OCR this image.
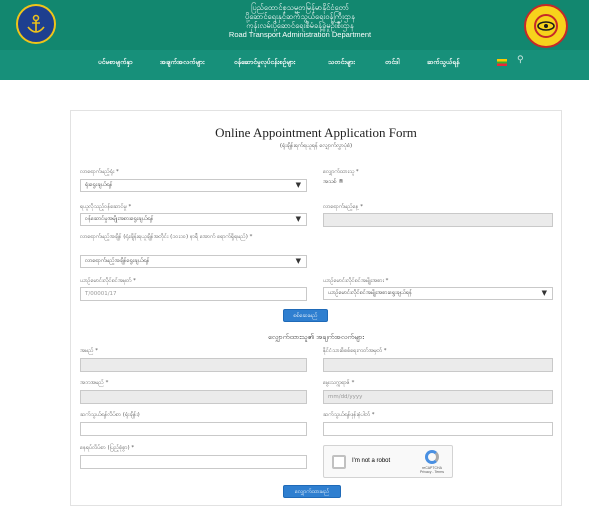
ပြည်ထောင်စုသမ္မတမြန်မာနိုင်ငံတော်
ပို့ဆောင်ရေးနှင့်ဆက်သွယ်ရေးဝန်ကြီးဌာန
ကုန်းလမ်းပို့ဆောင်ရေးစီမံခန့်ခွဲမှုဦးစီးဌာန
Road Transport Administration Department
ပင်မစာမျက်နှာ	အချက်အလက်များ	ဝန်ဆောင်မှုလုပ်ငန်းစဉ်များ	သတင်းများ	တင်ဒါ	ဆက်သွယ်ရန်	⚲
Online Appointment Application Form
(ရုံးချိန်းရက်ရယူရန် လျှောက်လွှာပုံစံ)
လာရောက်မည့်ရုံး *
ရုံးရွေးချယ်ရန်	▼
လျှောက်ထားသူ *
အသစ် ®
ရယူလိုသည့်ဝန်ဆောင်မှု *
ဝန်ဆောင်မှုအမျိုးအစားရွေးချယ်ရန်	▼
လာရောက်မည့်နေ့ *
လာရောက်မည့်အချိန် (ရုံးချိန်းရယူချိန်အတိုင်း (၁၀း၁၀) နာရီ အောက် ရောက်ရှိရမည်) *
လာရောက်မည့်အချိန်ရွေးချယ်ရန်	▼
ယာဉ်မောင်းလိုင်စင်အမှတ် *
T/00001/17
ယာဉ်မောင်းလိုင်စင်အမျိုးအစား *
ယာဉ်မောင်းလိုင်စင်အမျိုးအစားရွေးချယ်ရန်	▼
စစ်ဆေးမည်
လျှောက်ထားသူ၏ အချက်အလက်များ
အမည် *	နိုင်ငံသားစိစစ်ရေးကတ်အမှတ် *
အဘအမည် *	မွေးသက္ကရာဇ် *
mm/dd/yyyy
ဆက်သွယ်ရန်လိပ်စာ (ရုံးချိန်း)	ဆက်သွယ်ရန်ဖုန်းနံပါတ် *
နေရပ်လိပ်စာ (ပြည့်စုံစွာ) *
I'm not a robot
reCAPTCHA
Privacy - Terms
လျှောက်ထားမည်
